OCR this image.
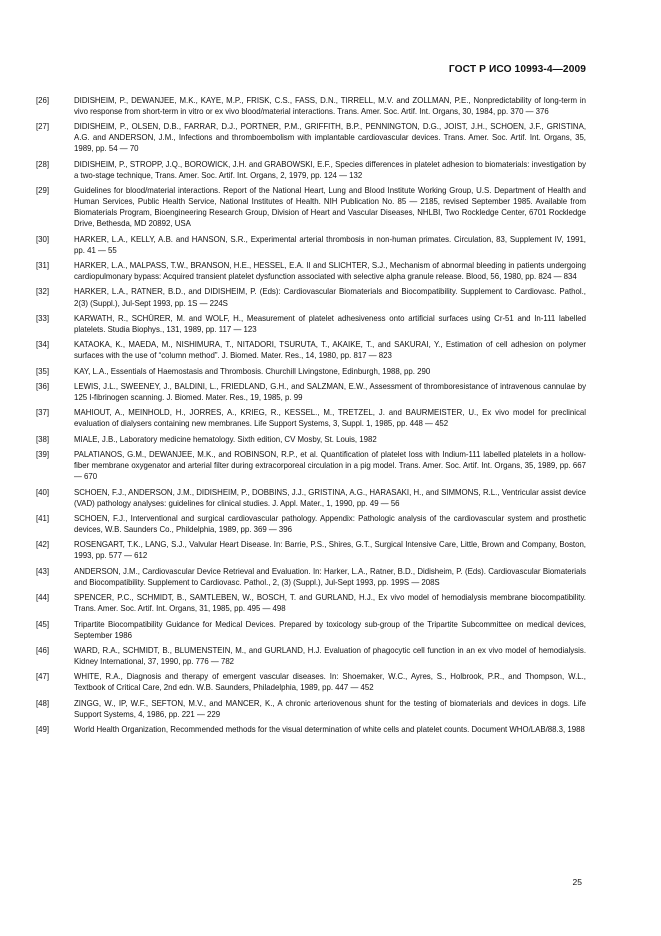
ГОСТ Р ИСО 10993-4—2009
[26]	DIDISHEIM, P., DEWANJEE, M.K., KAYE, M.P., FRISK, C.S., FASS, D.N., TIRRELL, M.V. and ZOLLMAN, P.E., Nonpredictability of long-term in vivo response from short-term in vitro or ex vivo blood/material interactions. Trans. Amer. Soc. Artif. Int. Organs, 30, 1984, pp. 370 — 376
[27]	DIDISHEIM, P., OLSEN, D.B., FARRAR, D.J., PORTNER, P.M., GRIFFITH, B.P., PENNINGTON, D.G., JOIST, J.H., SCHOEN, J.F., GRISTINA, A.G. and ANDERSON, J.M., Infections and thromboembolism with implantable cardiovascular devices. Trans. Amer. Soc. Artif. Int. Organs, 35, 1989, pp. 54 — 70
[28]	DIDISHEIM, P., STROPP, J.Q., BOROWICK, J.H. and GRABOWSKI, E.F., Species differences in platelet adhesion to biomaterials: investigation by a two-stage technique, Trans. Amer. Soc. Artif. Int. Organs, 2, 1979, pp. 124 — 132
[29]	Guidelines for blood/material interactions. Report of the National Heart, Lung and Blood Institute Working Group, U.S. Department of Health and Human Services, Public Health Service, National Institutes of Health. NIH Publication No. 85 — 2185, revised September 1985. Available from Biomaterials Program, Bioengineering Research Group, Division of Heart and Vascular Diseases, NHLBI, Two Rockledge Center, 6701 Rockledge Drive, Bethesda, MD 20892, USA
[30]	HARKER, L.A., KELLY, A.B. and HANSON, S.R., Experimental arterial thrombosis in non-human primates. Circulation, 83, Supplement IV, 1991, pp. 41 — 55
[31]	HARKER, L.A., MALPASS, T.W., BRANSON, H.E., HESSEL, E.A. II and SLICHTER, S.J., Mechanism of abnormal bleeding in patients undergoing cardiopulmonary bypass: Acquired transient platelet dysfunction associated with selective alpha granule release. Blood, 56, 1980, pp. 824 — 834
[32]	HARKER, L.A., RATNER, B.D., and DIDISHEIM, P. (Eds): Cardiovascular Biomaterials and Biocompatibility. Supplement to Cardiovasc. Pathol., 2(3) (Suppl.), Jul-Sept 1993, pp. 1S — 224S
[33]	KARWATH, R., SCHÜRER, M. and WOLF, H., Measurement of platelet adhesiveness onto artificial surfaces using Cr-51 and In-111 labelled platelets. Studia Biophys., 131, 1989, pp. 117 — 123
[34]	KATAOKA, K., MAEDA, M., NISHIMURA, T., NITADORI, TSURUTA, T., AKAIKE, T., and SAKURAI, Y., Estimation of cell adhesion on polymer surfaces with the use of “column method”. J. Biomed. Mater. Res., 14, 1980, pp. 817 — 823
[35]	KAY, L.A., Essentials of Haemostasis and Thrombosis. Churchill Livingstone, Edinburgh, 1988, pp. 290
[36]	LEWIS, J.L., SWEENEY, J., BALDINI, L., FRIEDLAND, G.H., and SALZMAN, E.W., Assessment of thromboresistance of intravenous cannulae by 125 I-fibrinogen scanning. J. Biomed. Mater. Res., 19, 1985, p. 99
[37]	MAHIOUT, A., MEINHOLD, H., JORRES, A., KRIEG, R., KESSEL., M., TRETZEL, J. and BAURMEISTER, U., Ex vivo model for preclinical evaluation of dialysers containing new membranes. Life Support Systems, 3, Suppl. 1, 1985, pp. 448 — 452
[38]	MIALE, J.B., Laboratory medicine hematology. Sixth edition, CV Mosby, St. Louis, 1982
[39]	PALATIANOS, G.M., DEWANJEE, M.K., and ROBINSON, R.P., et al. Quantification of platelet loss with Indium-111 labelled platelets in a hollow-fiber membrane oxygenator and arterial filter during extracorporeal circulation in a pig model. Trans. Amer. Soc. Artif. Int. Organs, 35, 1989, pp. 667 — 670
[40]	SCHOEN, F.J., ANDERSON, J.M., DIDISHEIM, P., DOBBINS, J.J., GRISTINA, A.G., HARASAKI, H., and SIMMONS, R.L., Ventricular assist device (VAD) pathology analyses: guidelines for clinical studies. J. Appl. Mater., 1, 1990, pp. 49 — 56
[41]	SCHOEN, F.J., Interventional and surgical cardiovascular pathology. Appendix: Pathologic analysis of the cardiovascular system and prosthetic devices, W.B. Saunders Co., Phildelphia, 1989, pp. 369 — 396
[42]	ROSENGART, T.K., LANG, S.J., Valvular Heart Disease. In: Barrie, P.S., Shires, G.T., Surgical Intensive Care, Little, Brown and Company, Boston, 1993, pp. 577 — 612
[43]	ANDERSON, J.M., Cardiovascular Device Retrieval and Evaluation. In: Harker, L.A., Ratner, B.D., Didisheim, P. (Eds). Cardiovascular Biomaterials and Biocompatibility. Supplement to Cardiovasc. Pathol., 2, (3) (Suppl.), Jul-Sept 1993, pp. 199S — 208S
[44]	SPENCER, P.C., SCHMIDT, B., SAMTLEBEN, W., BOSCH, T. and GURLAND, H.J., Ex vivo model of hemodialysis membrane biocompatibility. Trans. Amer. Soc. Artif. Int. Organs, 31, 1985, pp. 495 — 498
[45]	Tripartite Biocompatibility Guidance for Medical Devices. Prepared by toxicology sub-group of the Tripartite Subcommittee on medical devices, September 1986
[46]	WARD, R.A., SCHMIDT, B., BLUMENSTEIN, M., and GURLAND, H.J. Evaluation of phagocytic cell function in an ex vivo model of hemodialysis. Kidney International, 37, 1990, pp. 776 — 782
[47]	WHITE, R.A., Diagnosis and therapy of emergent vascular diseases. In: Shoemaker, W.C., Ayres, S., Holbrook, P.R., and Thompson, W.L., Textbook of Critical Care, 2nd edn. W.B. Saunders, Philadelphia, 1989, pp. 447 — 452
[48]	ZINGG, W., IP, W.F., SEFTON, M.V., and MANCER, K., A chronic arteriovenous shunt for the testing of biomaterials and devices in dogs. Life Support Systems, 4, 1986, pp. 221 — 229
[49]	World Health Organization, Recommended methods for the visual determination of white cells and platelet counts. Document WHO/LAB/88.3, 1988
25
